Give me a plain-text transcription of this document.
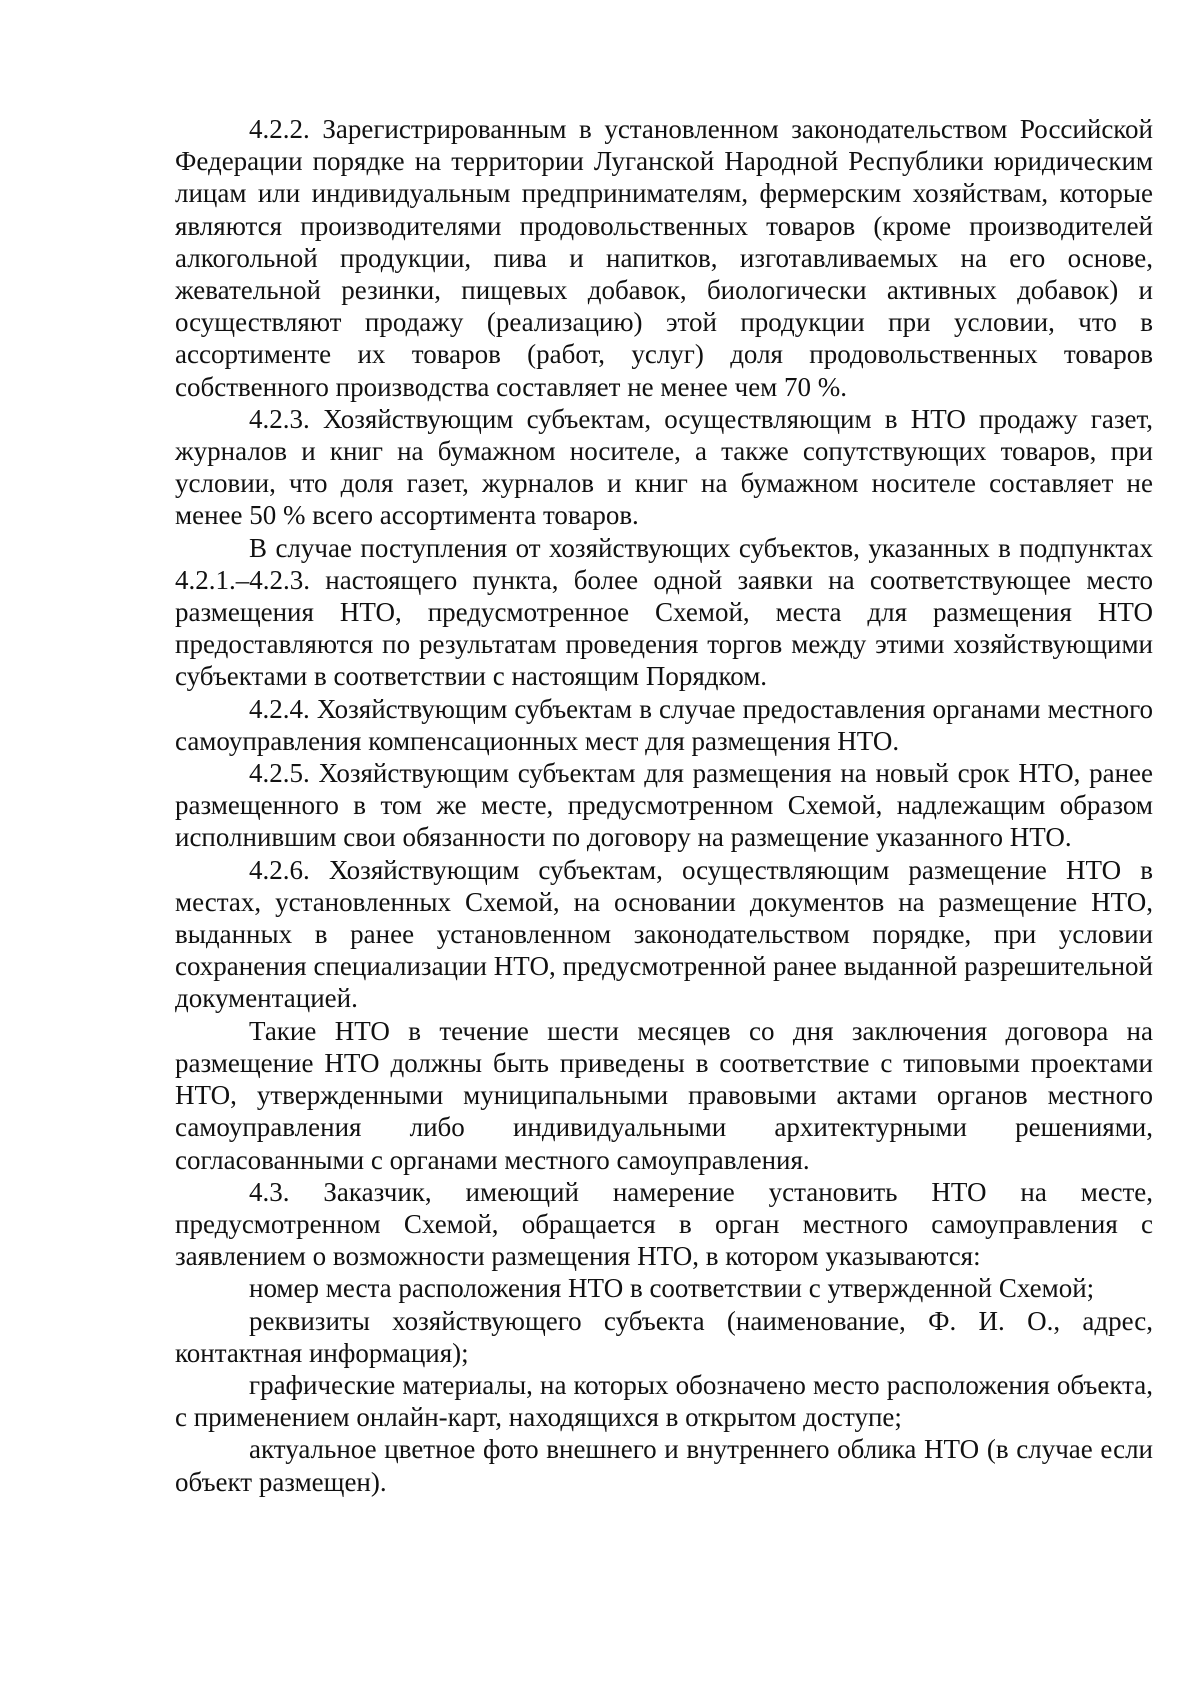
4.2.2. Зарегистрированным в установленном законодательством Российской Федерации порядке на территории Луганской Народной Республики юридическим лицам или индивидуальным предпринимателям, фермерским хозяйствам, которые являются производителями продовольственных товаров (кроме производителей алкогольной продукции, пива и напитков, изготавливаемых на его основе, жевательной резинки, пищевых добавок, биологически активных добавок) и осуществляют продажу (реализацию) этой продукции при условии, что в ассортименте их товаров (работ, услуг) доля продовольственных товаров собственного производства составляет не менее чем 70 %.

4.2.3. Хозяйствующим субъектам, осуществляющим в НТО продажу газет, журналов и книг на бумажном носителе, а также сопутствующих товаров, при условии, что доля газет, журналов и книг на бумажном носителе составляет не менее 50 % всего ассортимента товаров.

В случае поступления от хозяйствующих субъектов, указанных в подпунктах 4.2.1.–4.2.3. настоящего пункта, более одной заявки на соответствующее место размещения НТО, предусмотренное Схемой, места для размещения НТО предоставляются по результатам проведения торгов между этими хозяйствующими субъектами в соответствии с настоящим Порядком.

4.2.4. Хозяйствующим субъектам в случае предоставления органами местного самоуправления компенсационных мест для размещения НТО.

4.2.5. Хозяйствующим субъектам для размещения на новый срок НТО, ранее размещенного в том же месте, предусмотренном Схемой, надлежащим образом исполнившим свои обязанности по договору на размещение указанного НТО.

4.2.6. Хозяйствующим субъектам, осуществляющим размещение НТО в местах, установленных Схемой, на основании документов на размещение НТО, выданных в ранее установленном законодательством порядке, при условии сохранения специализации НТО, предусмотренной ранее выданной разрешительной документацией.

Такие НТО в течение шести месяцев со дня заключения договора на размещение НТО должны быть приведены в соответствие с типовыми проектами НТО, утвержденными муниципальными правовыми актами органов местного самоуправления либо индивидуальными архитектурными решениями, согласованными с органами местного самоуправления.

4.3. Заказчик, имеющий намерение установить НТО на месте, предусмотренном Схемой, обращается в орган местного самоуправления с заявлением о возможности размещения НТО, в котором указываются:

номер места расположения НТО в соответствии с утвержденной Схемой;

реквизиты хозяйствующего субъекта (наименование, Ф. И. О., адрес, контактная информация);

графические материалы, на которых обозначено место расположения объекта, с применением онлайн-карт, находящихся в открытом доступе;

актуальное цветное фото внешнего и внутреннего облика НТО (в случае если объект размещен).
